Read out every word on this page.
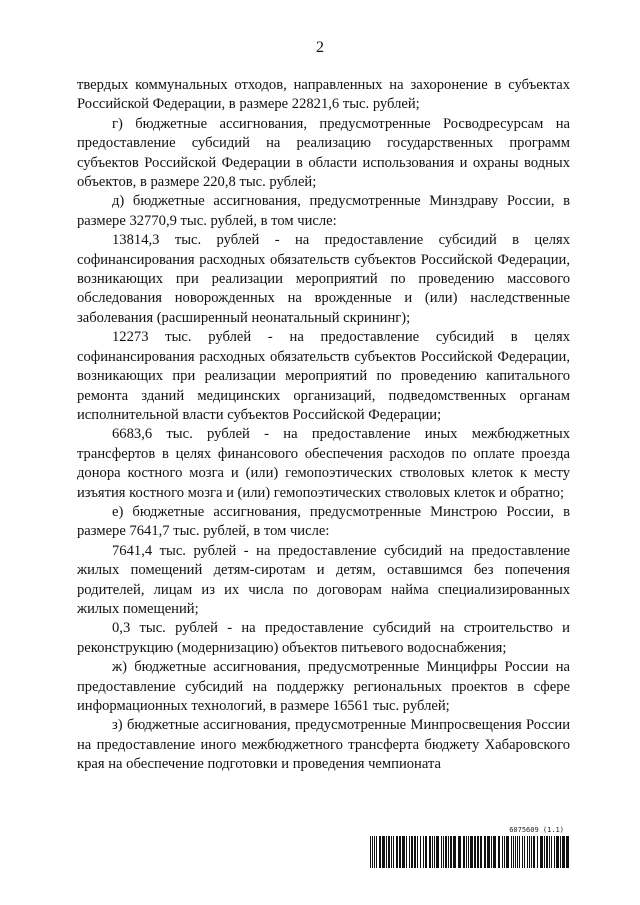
2

твердых коммунальных отходов, направленных на захоронение в субъектах Российской Федерации, в размере 22821,6 тыс. рублей;

г) бюджетные ассигнования, предусмотренные Росводресурсам на предоставление субсидий на реализацию государственных программ субъектов Российской Федерации в области использования и охраны водных объектов, в размере 220,8 тыс. рублей;

д) бюджетные ассигнования, предусмотренные Минздраву России, в размере 32770,9 тыс. рублей, в том числе:

13814,3 тыс. рублей - на предоставление субсидий в целях софинансирования расходных обязательств субъектов Российской Федерации, возникающих при реализации мероприятий по проведению массового обследования новорожденных на врожденные и (или) наследственные заболевания (расширенный неонатальный скрининг);

12273 тыс. рублей - на предоставление субсидий в целях софинансирования расходных обязательств субъектов Российской Федерации, возникающих при реализации мероприятий по проведению капитального ремонта зданий медицинских организаций, подведомственных органам исполнительной власти субъектов Российской Федерации;

6683,6 тыс. рублей - на предоставление иных межбюджетных трансфертов в целях финансового обеспечения расходов по оплате проезда донора костного мозга и (или) гемопоэтических стволовых клеток к месту изъятия костного мозга и (или) гемопоэтических стволовых клеток и обратно;

е) бюджетные ассигнования, предусмотренные Минстрою России, в размере 7641,7 тыс. рублей, в том числе:

7641,4 тыс. рублей - на предоставление субсидий на предоставление жилых помещений детям-сиротам и детям, оставшимся без попечения родителей, лицам из их числа по договорам найма специализированных жилых помещений;

0,3 тыс. рублей - на предоставление субсидий на строительство и реконструкцию (модернизацию) объектов питьевого водоснабжения;

ж) бюджетные ассигнования, предусмотренные Минцифры России на предоставление субсидий на поддержку региональных проектов в сфере информационных технологий, в размере 16561 тыс. рублей;

з) бюджетные ассигнования, предусмотренные Минпросвещения России на предоставление иного межбюджетного трансферта бюджету Хабаровского края на обеспечение подготовки и проведения чемпионата

6075609 (1.1)
